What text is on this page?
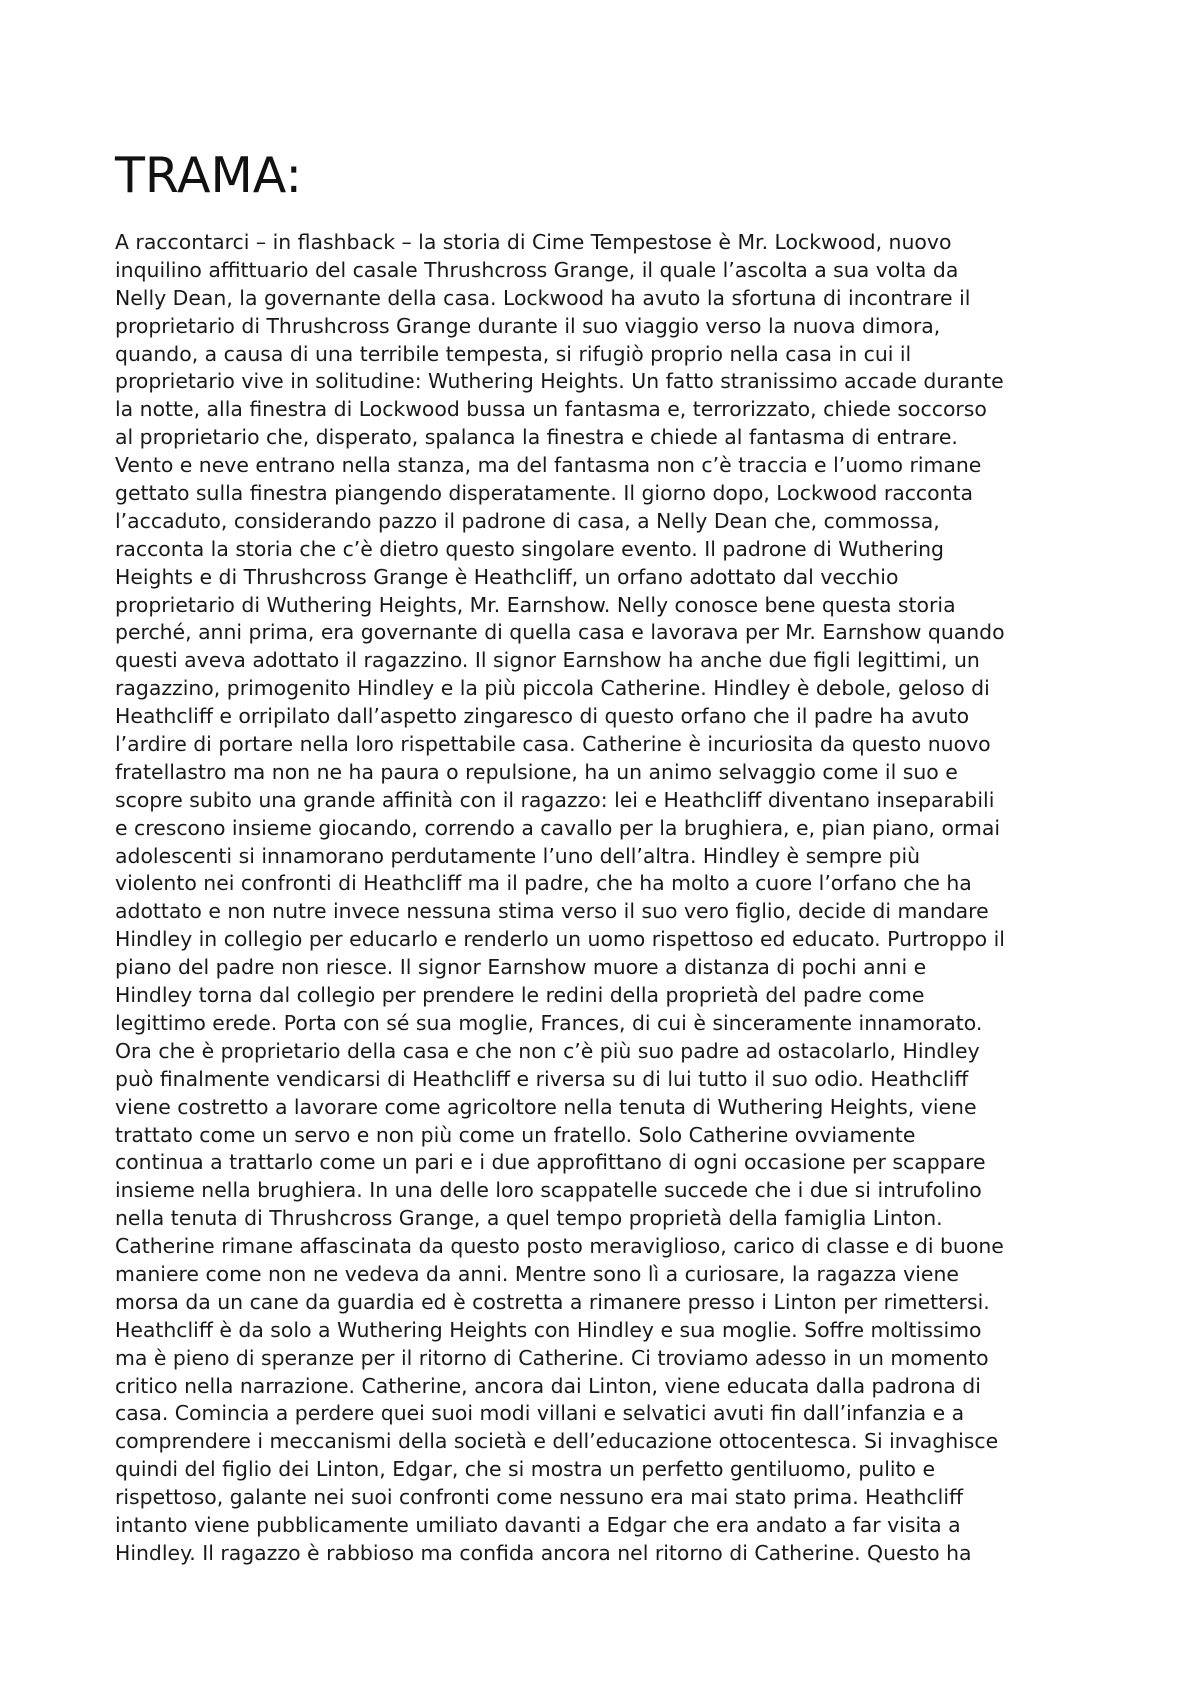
TRAMA:
A raccontarci – in flashback – la storia di Cime Tempestose è Mr. Lockwood, nuovo
inquilino affittuario del casale Thrushcross Grange, il quale l’ascolta a sua volta da
Nelly Dean, la governante della casa. Lockwood ha avuto la sfortuna di incontrare il
proprietario di Thrushcross Grange durante il suo viaggio verso la nuova dimora,
quando, a causa di una terribile tempesta, si rifugiò proprio nella casa in cui il
proprietario vive in solitudine: Wuthering Heights. Un fatto stranissimo accade durante
la notte, alla finestra di Lockwood bussa un fantasma e, terrorizzato, chiede soccorso
al proprietario che, disperato, spalanca la finestra e chiede al fantasma di entrare.
Vento e neve entrano nella stanza, ma del fantasma non c’è traccia e l’uomo rimane
gettato sulla finestra piangendo disperatamente. Il giorno dopo, Lockwood racconta
l’accaduto, considerando pazzo il padrone di casa, a Nelly Dean che, commossa,
racconta la storia che c’è dietro questo singolare evento. Il padrone di Wuthering
Heights e di Thrushcross Grange è Heathcliff, un orfano adottato dal vecchio
proprietario di Wuthering Heights, Mr. Earnshow. Nelly conosce bene questa storia
perché, anni prima, era governante di quella casa e lavorava per Mr. Earnshow quando
questi aveva adottato il ragazzino. Il signor Earnshow ha anche due figli legittimi, un
ragazzino, primogenito Hindley e la più piccola Catherine. Hindley è debole, geloso di
Heathcliff e orripilato dall’aspetto zingaresco di questo orfano che il padre ha avuto
l’ardire di portare nella loro rispettabile casa. Catherine è incuriosita da questo nuovo
fratellastro ma non ne ha paura o repulsione, ha un animo selvaggio come il suo e
scopre subito una grande affinità con il ragazzo: lei e Heathcliff diventano inseparabili
e crescono insieme giocando, correndo a cavallo per la brughiera, e, pian piano, ormai
adolescenti si innamorano perdutamente l’uno dell’altra. Hindley è sempre più
violento nei confronti di Heathcliff ma il padre, che ha molto a cuore l’orfano che ha
adottato e non nutre invece nessuna stima verso il suo vero figlio, decide di mandare
Hindley in collegio per educarlo e renderlo un uomo rispettoso ed educato. Purtroppo il
piano del padre non riesce. Il signor Earnshow muore a distanza di pochi anni e
Hindley torna dal collegio per prendere le redini della proprietà del padre come
legittimo erede. Porta con sé sua moglie, Frances, di cui è sinceramente innamorato.
Ora che è proprietario della casa e che non c’è più suo padre ad ostacolarlo, Hindley
può finalmente vendicarsi di Heathcliff e riversa su di lui tutto il suo odio. Heathcliff
viene costretto a lavorare come agricoltore nella tenuta di Wuthering Heights, viene
trattato come un servo e non più come un fratello. Solo Catherine ovviamente
continua a trattarlo come un pari e i due approfittano di ogni occasione per scappare
insieme nella brughiera. In una delle loro scappatelle succede che i due si intrufolino
nella tenuta di Thrushcross Grange, a quel tempo proprietà della famiglia Linton.
Catherine rimane affascinata da questo posto meraviglioso, carico di classe e di buone
maniere come non ne vedeva da anni. Mentre sono lì a curiosare, la ragazza viene
morsa da un cane da guardia ed è costretta a rimanere presso i Linton per rimettersi.
Heathcliff è da solo a Wuthering Heights con Hindley e sua moglie. Soffre moltissimo
ma è pieno di speranze per il ritorno di Catherine. Ci troviamo adesso in un momento
critico nella narrazione. Catherine, ancora dai Linton, viene educata dalla padrona di
casa. Comincia a perdere quei suoi modi villani e selvatici avuti fin dall’infanzia e a
comprendere i meccanismi della società e dell’educazione ottocentesca. Si invaghisce
quindi del figlio dei Linton, Edgar, che si mostra un perfetto gentiluomo, pulito e
rispettoso, galante nei suoi confronti come nessuno era mai stato prima. Heathcliff
intanto viene pubblicamente umiliato davanti a Edgar che era andato a far visita a
Hindley. Il ragazzo è rabbioso ma confida ancora nel ritorno di Catherine. Questo ha
